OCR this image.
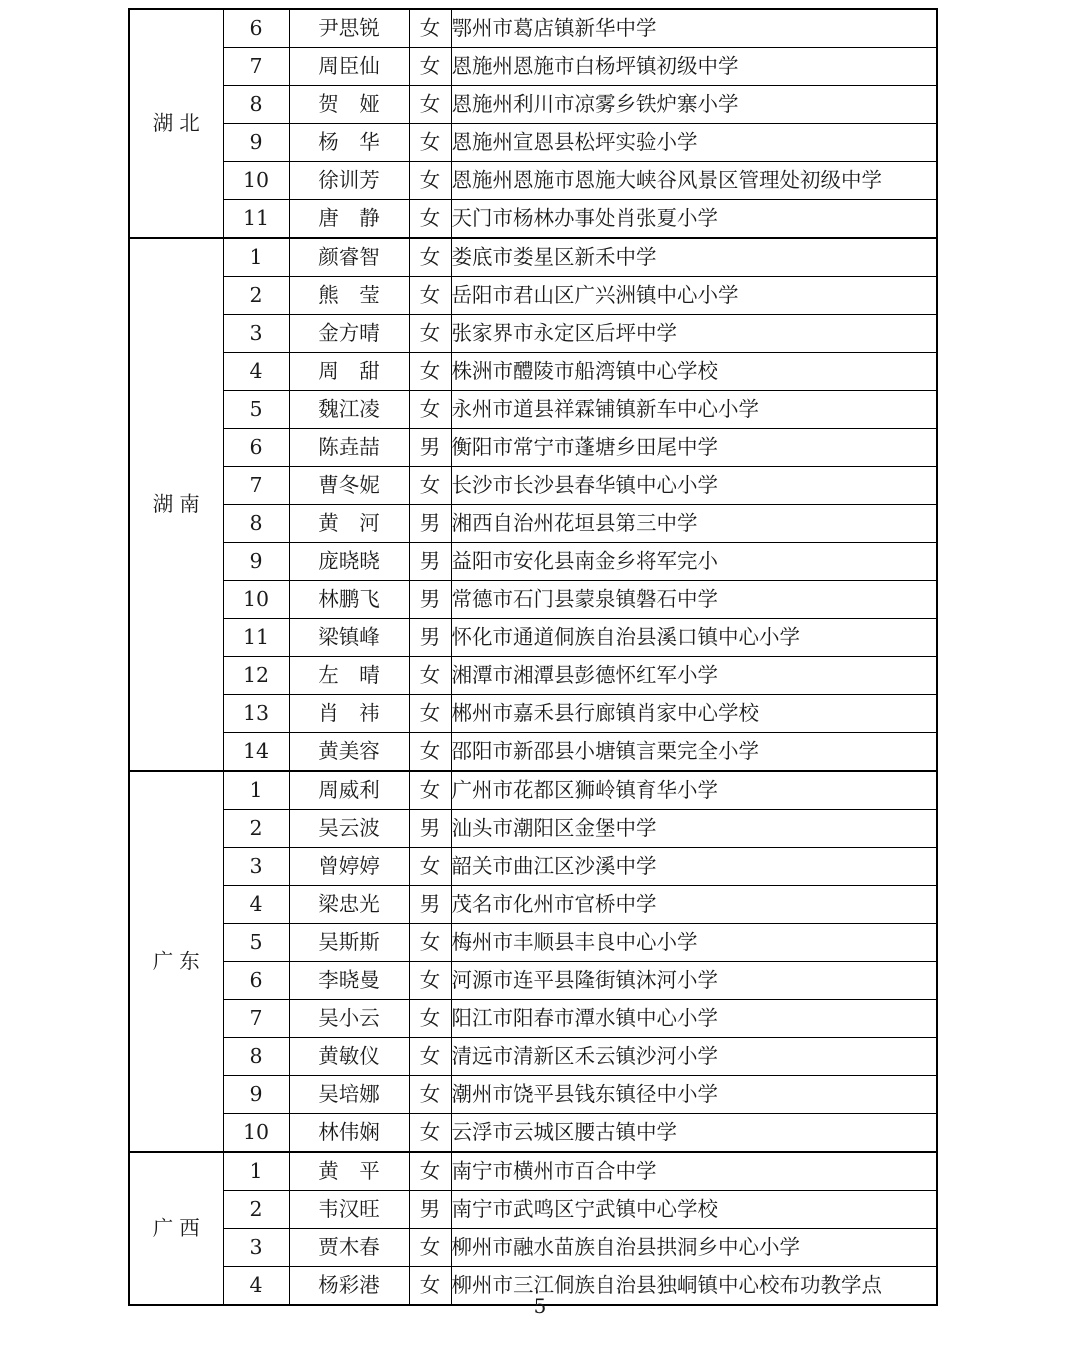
湖北	6	尹思锐	女	鄂州市葛店镇新华中学
	7	周臣仙	女	恩施州恩施市白杨坪镇初级中学
	8	贺　娅	女	恩施州利川市凉雾乡铁炉寨小学
	9	杨　华	女	恩施州宣恩县松坪实验小学
	10	徐训芳	女	恩施州恩施市恩施大峡谷风景区管理处初级中学
	11	唐　静	女	天门市杨林办事处肖张夏小学
湖南	1	颜睿智	女	娄底市娄星区新禾中学
	2	熊　莹	女	岳阳市君山区广兴洲镇中心小学
	3	金方晴	女	张家界市永定区后坪中学
	4	周　甜	女	株洲市醴陵市船湾镇中心学校
	5	魏江凌	女	永州市道县祥霖铺镇新车中心小学
	6	陈垚喆	男	衡阳市常宁市蓬塘乡田尾中学
	7	曹冬妮	女	长沙市长沙县春华镇中心小学
	8	黄　河	男	湘西自治州花垣县第三中学
	9	庞晓晓	男	益阳市安化县南金乡将军完小
	10	林鹏飞	男	常德市石门县蒙泉镇磐石中学
	11	梁镇峰	男	怀化市通道侗族自治县溪口镇中心小学
	12	左　晴	女	湘潭市湘潭县彭德怀红军小学
	13	肖　祎	女	郴州市嘉禾县行廊镇肖家中心学校
	14	黄美容	女	邵阳市新邵县小塘镇言栗完全小学
广东	1	周威利	女	广州市花都区狮岭镇育华小学
	2	吴云波	男	汕头市潮阳区金堡中学
	3	曾婷婷	女	韶关市曲江区沙溪中学
	4	梁忠光	男	茂名市化州市官桥中学
	5	吴斯斯	女	梅州市丰顺县丰良中心小学
	6	李晓曼	女	河源市连平县隆街镇沐河小学
	7	吴小云	女	阳江市阳春市潭水镇中心小学
	8	黄敏仪	女	清远市清新区禾云镇沙河小学
	9	吴培娜	女	潮州市饶平县钱东镇径中小学
	10	林伟娴	女	云浮市云城区腰古镇中学
广西	1	黄　平	女	南宁市横州市百合中学
	2	韦汉旺	男	南宁市武鸣区宁武镇中心学校
	3	贾木春	女	柳州市融水苗族自治县拱洞乡中心小学
	4	杨彩港	女	柳州市三江侗族自治县独峒镇中心校布功教学点
5
